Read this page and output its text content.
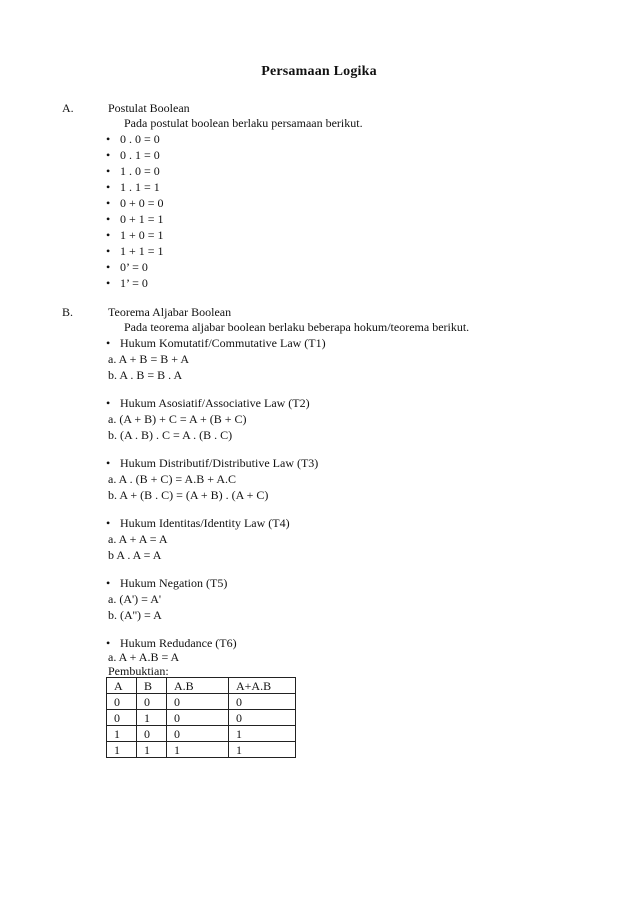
Persamaan Logika
A.	Postulat Boolean
Pada postulat boolean berlaku persamaan berikut.
• 0 . 0 = 0
• 0 . 1 = 0
• 1 . 0 = 0
• 1 . 1 = 1
• 0 + 0 = 0
• 0 + 1 = 1
• 1 + 0 = 1
• 1 + 1 = 1
• 0’ = 0
• 1’ = 0
B.	Teorema Aljabar Boolean
Pada teorema aljabar boolean berlaku beberapa hokum/teorema berikut.
• Hukum Komutatif/Commutative Law (T1)
a. A + B = B + A
b. A . B = B . A
• Hukum Asosiatif/Associative Law (T2)
a. (A + B) + C = A + (B + C)
b. (A . B) . C = A . (B . C)
• Hukum Distributif/Distributive Law (T3)
a. A . (B + C) = A.B + A.C
b. A + (B . C) = (A + B) . (A + C)
• Hukum Identitas/Identity Law (T4)
a. A + A = A
b A . A = A
• Hukum Negation (T5)
a. (A') = A'
b. (A'') = A
• Hukum Redudance (T6)
a. A + A.B = A
Pembuktian:
A	B	A.B	A+A.B
0	0	0	0
0	1	0	0
1	0	0	1
1	1	1	1
